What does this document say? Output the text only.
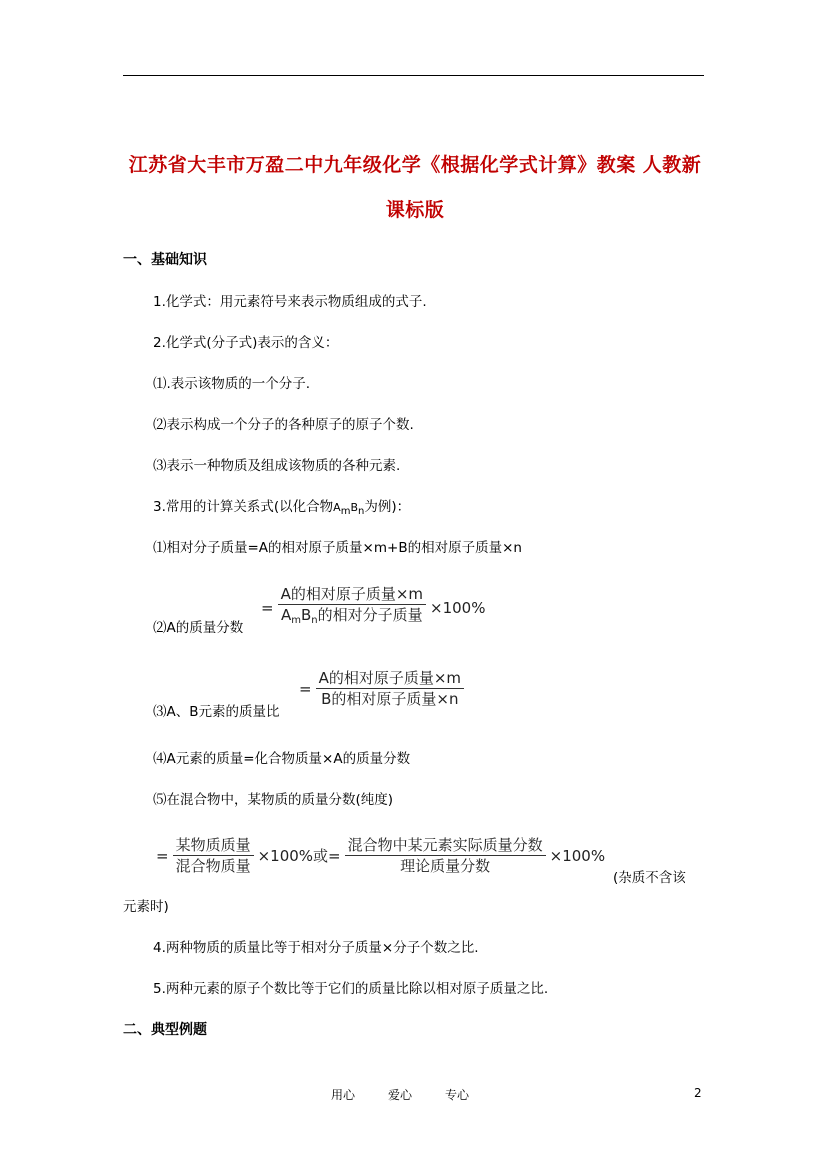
江苏省大丰市万盈二中九年级化学《根据化学式计算》教案 人教新
课标版
一、基础知识
1.化学式：用元素符号来表示物质组成的式子.
2.化学式(分子式)表示的含义：
⑴.表示该物质的一个分子.
⑵表示构成一个分子的各种原子的原子个数.
⑶表示一种物质及组成该物质的各种元素.
3.常用的计算关系式(以化合物$A_mB_n$为例)：
⑴相对分子质量=A的相对原子质量×m+B的相对原子质量×n
⑵A的质量分数
= $\frac{\text{A的相对原子质量×m}}{A_mB_n的相对分子质量} \times 100\%$
⑶A、B元素的质量比
= $\frac{\text{A的相对原子质量×m}}{\text{B的相对原子质量×n}}$
⑷A元素的质量=化合物质量×A的质量分数
⑸在混合物中，某物质的质量分数(纯度)
= $\frac{\text{某物质质量}}{\text{混合物质量}} \times 100\%$或= $\frac{\text{混合物中某元素实际质量分数}}{\text{理论质量分数}} \times 100\%$
(杂质不含该
元素时)
4.两种物质的质量比等于相对分子质量×分子个数之比.
5.两种元素的原子个数比等于它们的质量比除以相对原子质量之比.
二、典型例题
用心	爱心	专心	2
